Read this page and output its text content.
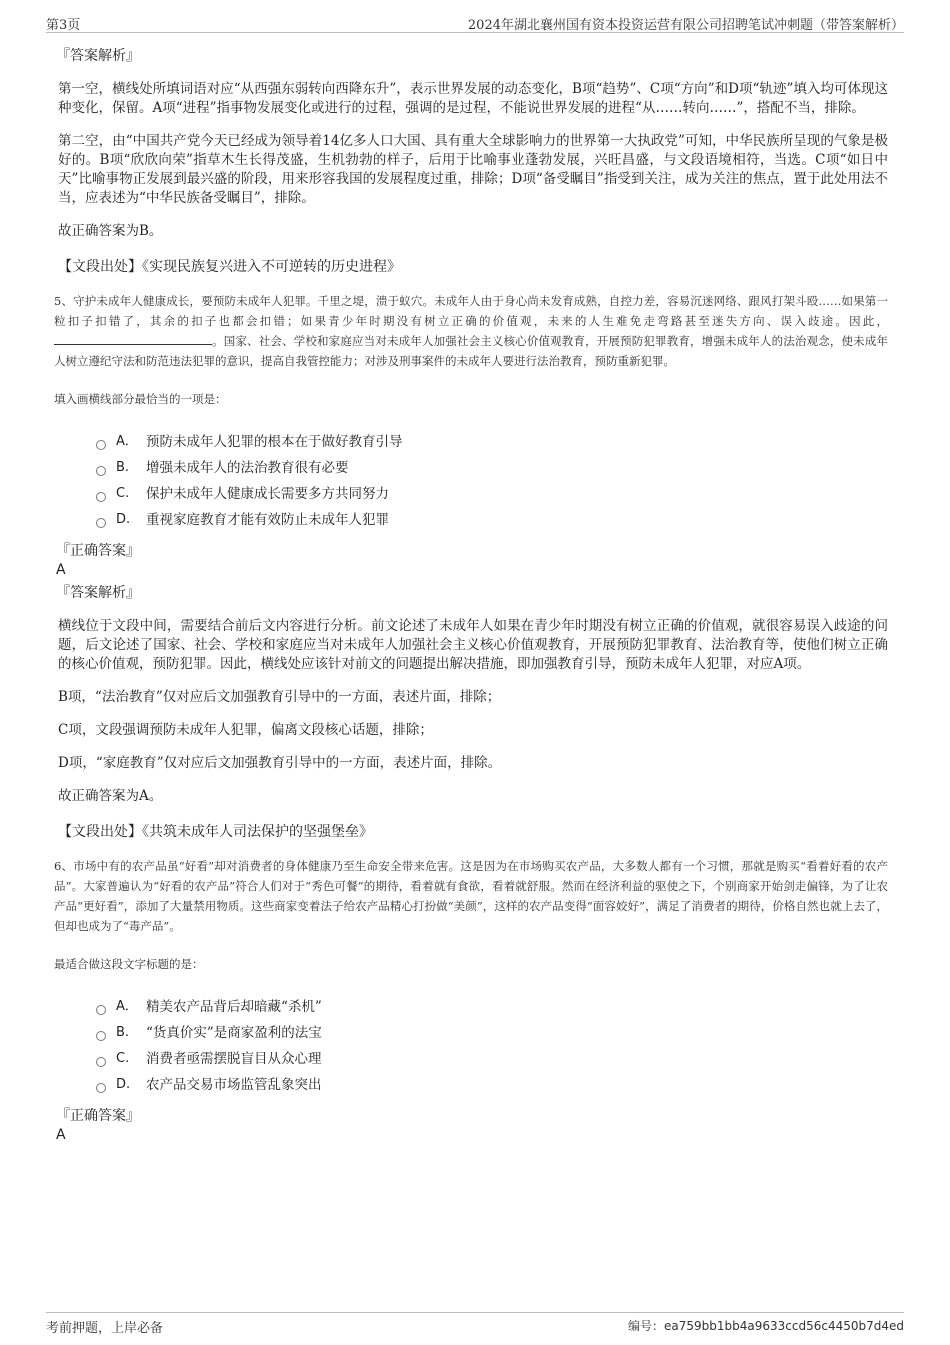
第3页	2024年湖北襄州国有资本投资运营有限公司招聘笔试冲刺题（带答案解析）
『答案解析』

第一空，横线处所填词语对应“从西强东弱转向西降东升”，表示世界发展的动态变化，B项“趋势”、C项“方向”和D项“轨迹”填入均可体现这种变化，保留。A项“进程”指事物发展变化或进行的过程，强调的是过程，不能说世界发展的进程“从……转向……”，搭配不当，排除。

第二空，由“中国共产党今天已经成为领导着14亿多人口大国、具有重大全球影响力的世界第一大执政党”可知，中华民族所呈现的气象是极好的。B项“欣欣向荣”指草木生长得茂盛，生机勃勃的样子，后用于比喻事业蓬勃发展，兴旺昌盛，与文段语境相符，当选。C项“如日中天”比喻事物正发展到最兴盛的阶段，用来形容我国的发展程度过重，排除；D项“备受瞩目”指受到关注，成为关注的焦点，置于此处用法不当，应表述为“中华民族备受瞩目”，排除。

故正确答案为B。

【文段出处】《实现民族复兴进入不可逆转的历史进程》

5、守护未成年人健康成长，要预防未成年人犯罪。千里之堤，溃于蚁穴。未成年人由于身心尚未发育成熟，自控力差，容易沉迷网络、跟风打架斗殴……如果第一粒扣子扣错了，其余的扣子也都会扣错；如果青少年时期没有树立正确的价值观，未来的人生难免走弯路甚至迷失方向、误入歧途。因此，。国家、社会、学校和家庭应当对未成年人加强社会主义核心价值观教育，开展预防犯罪教育，增强未成年人的法治观念，使未成年人树立遵纪守法和防范违法犯罪的意识，提高自我管控能力；对涉及刑事案件的未成年人要进行法治教育，预防重新犯罪。

填入画横线部分最恰当的一项是：
A． 预防未成年人犯罪的根本在于做好教育引导
B.	增强未成年人的法治教育很有必要
C.	保护未成年人健康成长需要多方共同努力
D.	重视家庭教育才能有效防止未成年人犯罪
『正确答案』
A
『答案解析』

横线位于文段中间，需要结合前后文内容进行分析。前文论述了未成年人如果在青少年时期没有树立正确的价值观，就很容易误入歧途的问题，后文论述了国家、社会、学校和家庭应当对未成年人加强社会主义核心价值观教育，开展预防犯罪教育、法治教育等，使他们树立正确的核心价值观，预防犯罪。因此，横线处应该针对前文的问题提出解决措施，即加强教育引导，预防未成年人犯罪，对应A项。

B项，“法治教育”仅对应后文加强教育引导中的一方面，表述片面，排除；

C项，文段强调预防未成年人犯罪，偏离文段核心话题，排除；

D项，“家庭教育”仅对应后文加强教育引导中的一方面，表述片面，排除。

故正确答案为A。

【文段出处】《共筑未成年人司法保护的坚强堡垒》

6、市场中有的农产品虽“好看”却对消费者的身体健康乃至生命安全带来危害。这是因为在市场购买农产品，大多数人都有一个习惯，那就是购买“看着好看的农产品”。大家普遍认为“好看的农产品”符合人们对于“秀色可餐”的期待，看着就有食欲，看着就舒服。然而在经济利益的驱使之下，个别商家开始剑走偏锋，为了让农产品“更好看”，添加了大量禁用物质。这些商家变着法子给农产品精心打扮做“美颜”，这样的农产品变得“面容姣好”，满足了消费者的期待，价格自然也就上去了，但却也成为了“毒产品”。

最适合做这段文字标题的是：
A． 精美农产品背后却暗藏“杀机”
B.	“货真价实”是商家盈利的法宝
C.	消费者亟需摆脱盲目从众心理
D.	农产品交易市场监管乱象突出
『正确答案』
A
考前押题，上岸必备	编号：ea759bb1bb4a9633ccd56c4450b7d4ed
